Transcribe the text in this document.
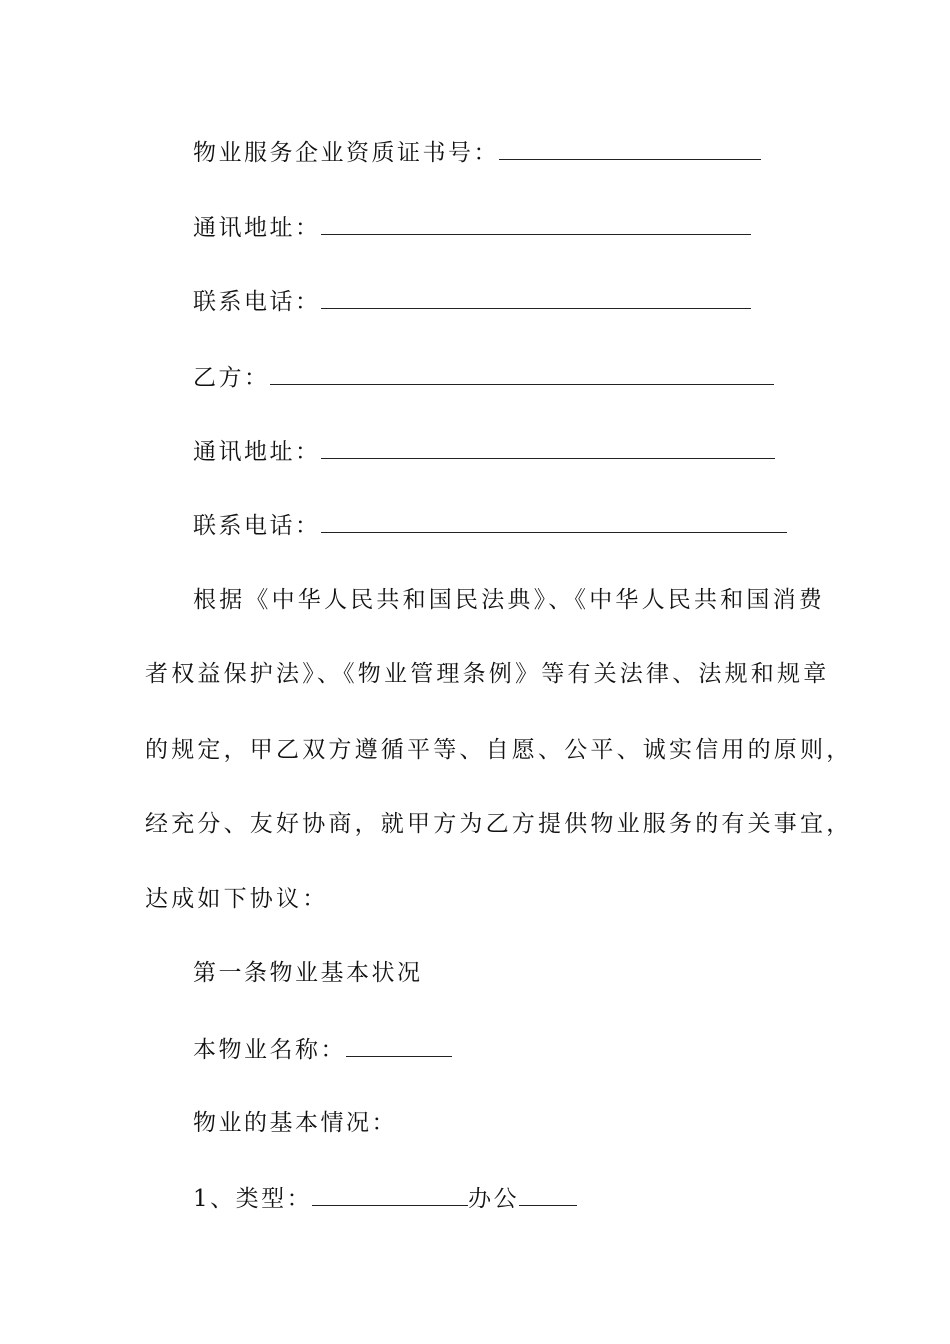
物业服务企业资质证书号：
通讯地址：
联系电话：
乙方：
通讯地址：
联系电话：
根据《中华人民共和国民法典》、《中华人民共和国消费
者权益保护法》、《物业管理条例》等有关法律、法规和规章
的规定，甲乙双方遵循平等、自愿、公平、诚实信用的原则，
经充分、友好协商，就甲方为乙方提供物业服务的有关事宜，
达成如下协议：
第一条物业基本状况
本物业名称：
物业的基本情况：
1、类型：	办公
